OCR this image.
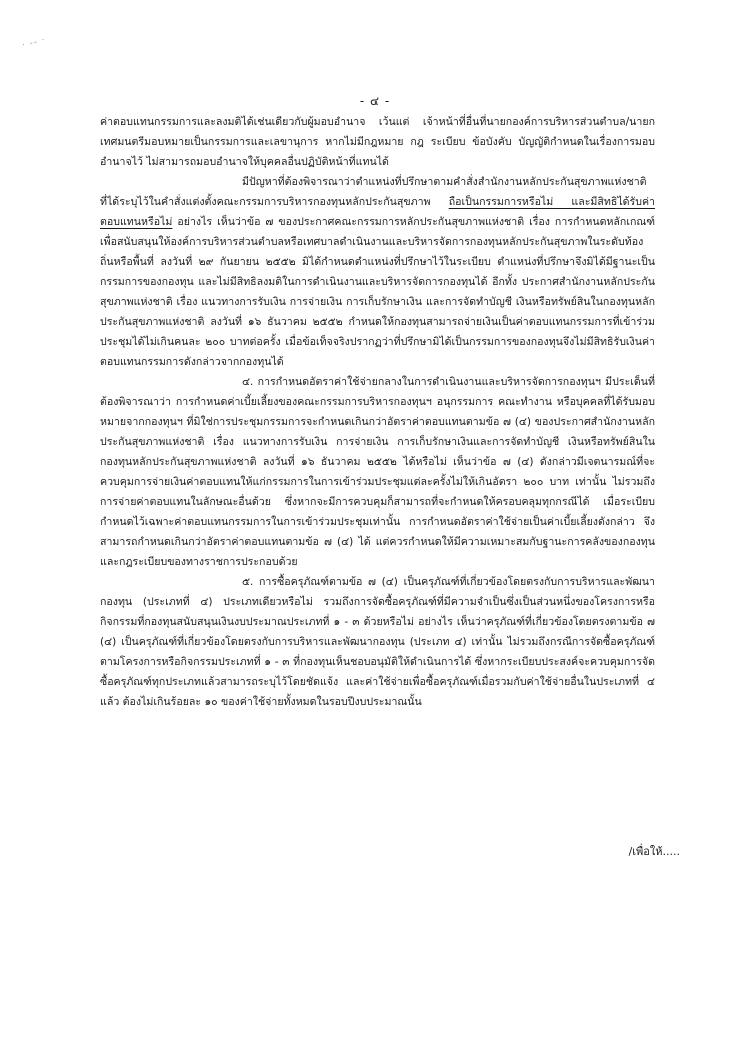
· -- ·
- ๔ -

ค่าตอบแทนกรรมการและลงมติได้เช่นเดียวกับผู้มอบอำนาจ เว้นแต่ เจ้าหน้าที่อื่นที่นายกองค์การบริหารส่วนตำบล/นายกเทศมนตรีมอบหมายเป็นกรรมการและเลขานุการ หากไม่มีกฎหมาย กฎ ระเบียบ ข้อบังคับ บัญญัติกำหนดในเรื่องการมอบอำนาจไว้ ไม่สามารถมอบอำนาจให้บุคคลอื่นปฏิบัติหน้าที่แทนได้

มีปัญหาที่ต้องพิจารณาว่าตำแหน่งที่ปรึกษาตามคำสั่งสำนักงานหลักประกันสุขภาพแห่งชาติ ที่ได้ระบุไว้ในคำสั่งแต่งตั้งคณะกรรมการบริหารกองทุนหลักประกันสุขภาพ ถือเป็นกรรมการหรือไม่ และมีสิทธิได้รับค่าตอบแทนหรือไม่ อย่างไร เห็นว่าข้อ ๗ ของประกาศคณะกรรมการหลักประกันสุขภาพแห่งชาติ เรื่อง การกำหนดหลักเกณฑ์เพื่อสนับสนุนให้องค์การบริหารส่วนตำบลหรือเทศบาลดำเนินงานและบริหารจัดการกองทุนหลักประกันสุขภาพในระดับท้องถิ่นหรือพื้นที่ ลงวันที่ ๒๙ กันยายน ๒๕๕๒ มิได้กำหนดตำแหน่งที่ปรึกษาไว้ในระเบียบ ตำแหน่งที่ปรึกษาจึงมิได้มีฐานะเป็นกรรมการของกองทุน และไม่มีสิทธิลงมติในการดำเนินงานและบริหารจัดการกองทุนได้ อีกทั้ง ประกาศสำนักงานหลักประกันสุขภาพแห่งชาติ เรื่อง แนวทางการรับเงิน การจ่ายเงิน การเก็บรักษาเงิน และการจัดทำบัญชี เงินหรือทรัพย์สินในกองทุนหลักประกันสุขภาพแห่งชาติ ลงวันที่ ๑๖ ธันวาคม ๒๕๕๒ กำหนดให้กองทุนสามารถจ่ายเงินเป็นค่าตอบแทนกรรมการที่เข้าร่วมประชุมได้ไม่เกินคนละ ๒๐๐ บาทต่อครั้ง เมื่อข้อเท็จจริงปรากฏว่าที่ปรึกษามิได้เป็นกรรมการของกองทุนจึงไม่มีสิทธิรับเงินค่าตอบแทนกรรมการดังกล่าวจากกองทุนได้

๔. การกำหนดอัตราค่าใช้จ่ายกลางในการดำเนินงานและบริหารจัดการกองทุนฯ มีประเด็นที่ต้องพิจารณาว่า การกำหนดค่าเบี้ยเลี้ยงของคณะกรรมการบริหารกองทุนฯ อนุกรรมการ คณะทำงาน หรือบุคคลที่ได้รับมอบหมายจากกองทุนฯ ที่มิใช่การประชุมกรรมการจะกำหนดเกินกว่าอัตราค่าตอบแทนตามข้อ ๗ (๔) ของประกาศสำนักงานหลักประกันสุขภาพแห่งชาติ เรื่อง แนวทางการรับเงิน การจ่ายเงิน การเก็บรักษาเงินและการจัดทำบัญชี เงินหรือทรัพย์สินในกองทุนหลักประกันสุขภาพแห่งชาติ ลงวันที่ ๑๖ ธันวาคม ๒๕๕๒ ได้หรือไม่ เห็นว่าข้อ ๗ (๔) ดังกล่าวมีเจตนารมณ์ที่จะควบคุมการจ่ายเงินค่าตอบแทนให้แก่กรรมการในการเข้าร่วมประชุมแต่ละครั้งไม่ให้เกินอัตรา ๒๐๐ บาท เท่านั้น ไม่รวมถึงการจ่ายค่าตอบแทนในลักษณะอื่นด้วย ซึ่งหากจะมีการควบคุมก็สามารถที่จะกำหนดให้ครอบคลุมทุกกรณีได้ เมื่อระเบียบกำหนดไว้เฉพาะค่าตอบแทนกรรมการในการเข้าร่วมประชุมเท่านั้น การกำหนดอัตราค่าใช้จ่ายเป็นค่าเบี้ยเลี้ยงดังกล่าว จึงสามารถกำหนดเกินกว่าอัตราค่าตอบแทนตามข้อ ๗ (๔) ได้ แต่ควรกำหนดให้มีความเหมาะสมกับฐานะการคลังของกองทุน และกฎระเบียบของทางราชการประกอบด้วย

๕. การซื้อครุภัณฑ์ตามข้อ ๗ (๔) เป็นครุภัณฑ์ที่เกี่ยวข้องโดยตรงกับการบริหารและพัฒนากองทุน (ประเภทที่ ๔) ประเภทเดียวหรือไม่ รวมถึงการจัดซื้อครุภัณฑ์ที่มีความจำเป็นซึ่งเป็นส่วนหนึ่งของโครงการหรือกิจกรรมที่กองทุนสนับสนุนเงินงบประมาณประเภทที่ ๑ - ๓ ด้วยหรือไม่ อย่างไร เห็นว่าครุภัณฑ์ที่เกี่ยวข้องโดยตรงตามข้อ ๗ (๔) เป็นครุภัณฑ์ที่เกี่ยวข้องโดยตรงกับการบริหารและพัฒนากองทุน (ประเภท ๔) เท่านั้น ไม่รวมถึงกรณีการจัดซื้อครุภัณฑ์ตามโครงการหรือกิจกรรมประเภทที่ ๑ - ๓ ที่กองทุนเห็นชอบอนุมัติให้ดำเนินการได้ ซึ่งหากระเบียบประสงค์จะควบคุมการจัดซื้อครุภัณฑ์ทุกประเภทแล้วสามารถระบุไว้โดยชัดแจ้ง และค่าใช้จ่ายเพื่อซื้อครุภัณฑ์เมื่อรวมกับค่าใช้จ่ายอื่นในประเภทที่ ๔ แล้ว ต้องไม่เกินร้อยละ ๑๐ ของค่าใช้จ่ายทั้งหมดในรอบปีงบประมาณนั้น

/เพื่อให้.....
